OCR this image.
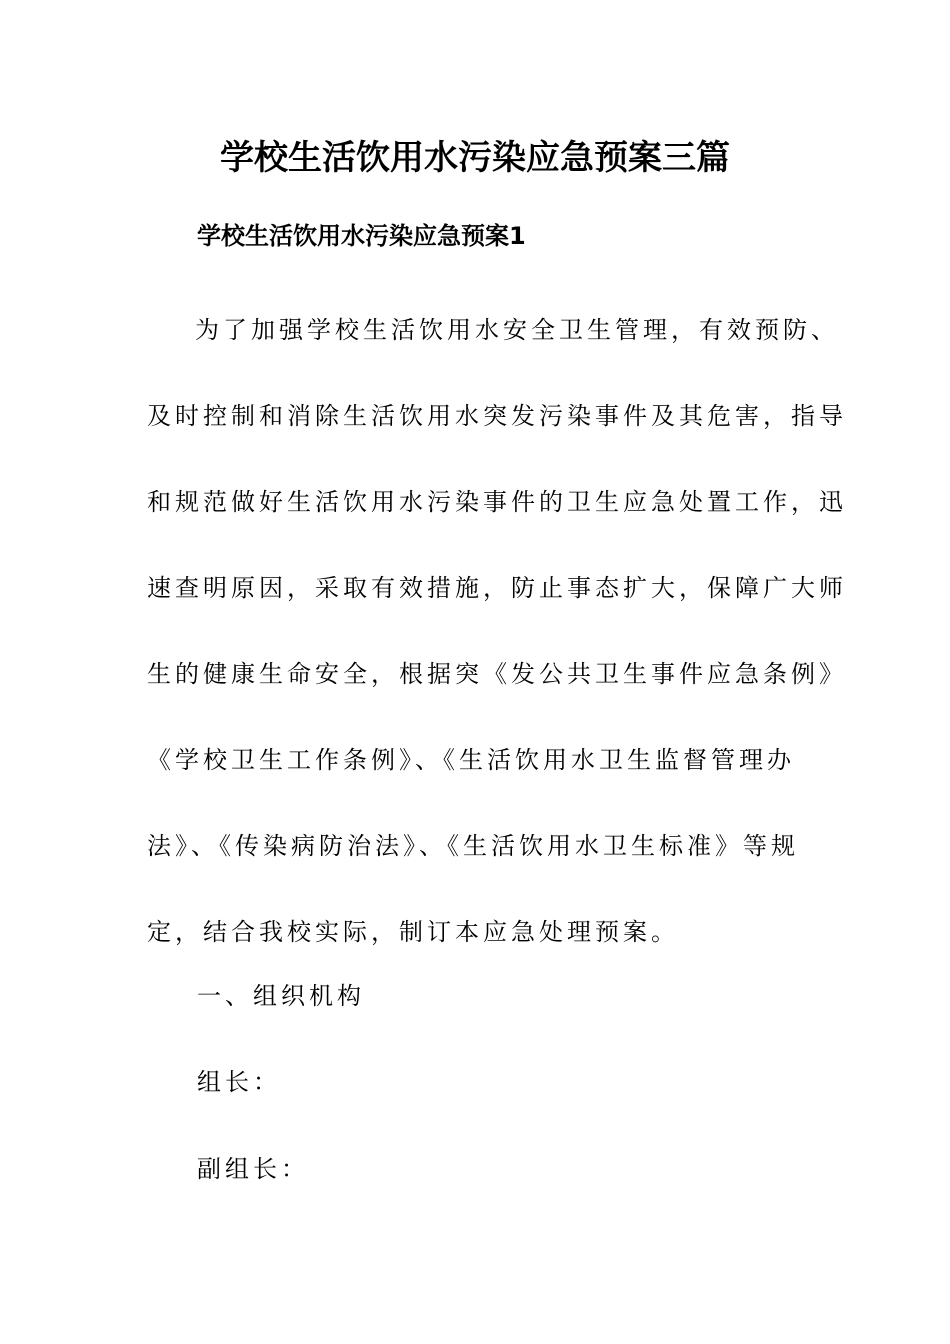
学校生活饮用水污染应急预案三篇
学校生活饮用水污染应急预案1

为了加强学校生活饮用水安全卫生管理，有效预防、
及时控制和消除生活饮用水突发污染事件及其危害，指导
和规范做好生活饮用水污染事件的卫生应急处置工作，迅
速查明原因，采取有效措施，防止事态扩大，保障广大师
生的健康生命安全，根据突《发公共卫生事件应急条例》
《学校卫生工作条例》、《生活饮用水卫生监督管理办
法》、《传染病防治法》、《生活饮用水卫生标准》等规
定，结合我校实际，制订本应急处理预案。

一、组织机构

组长：

副组长：
